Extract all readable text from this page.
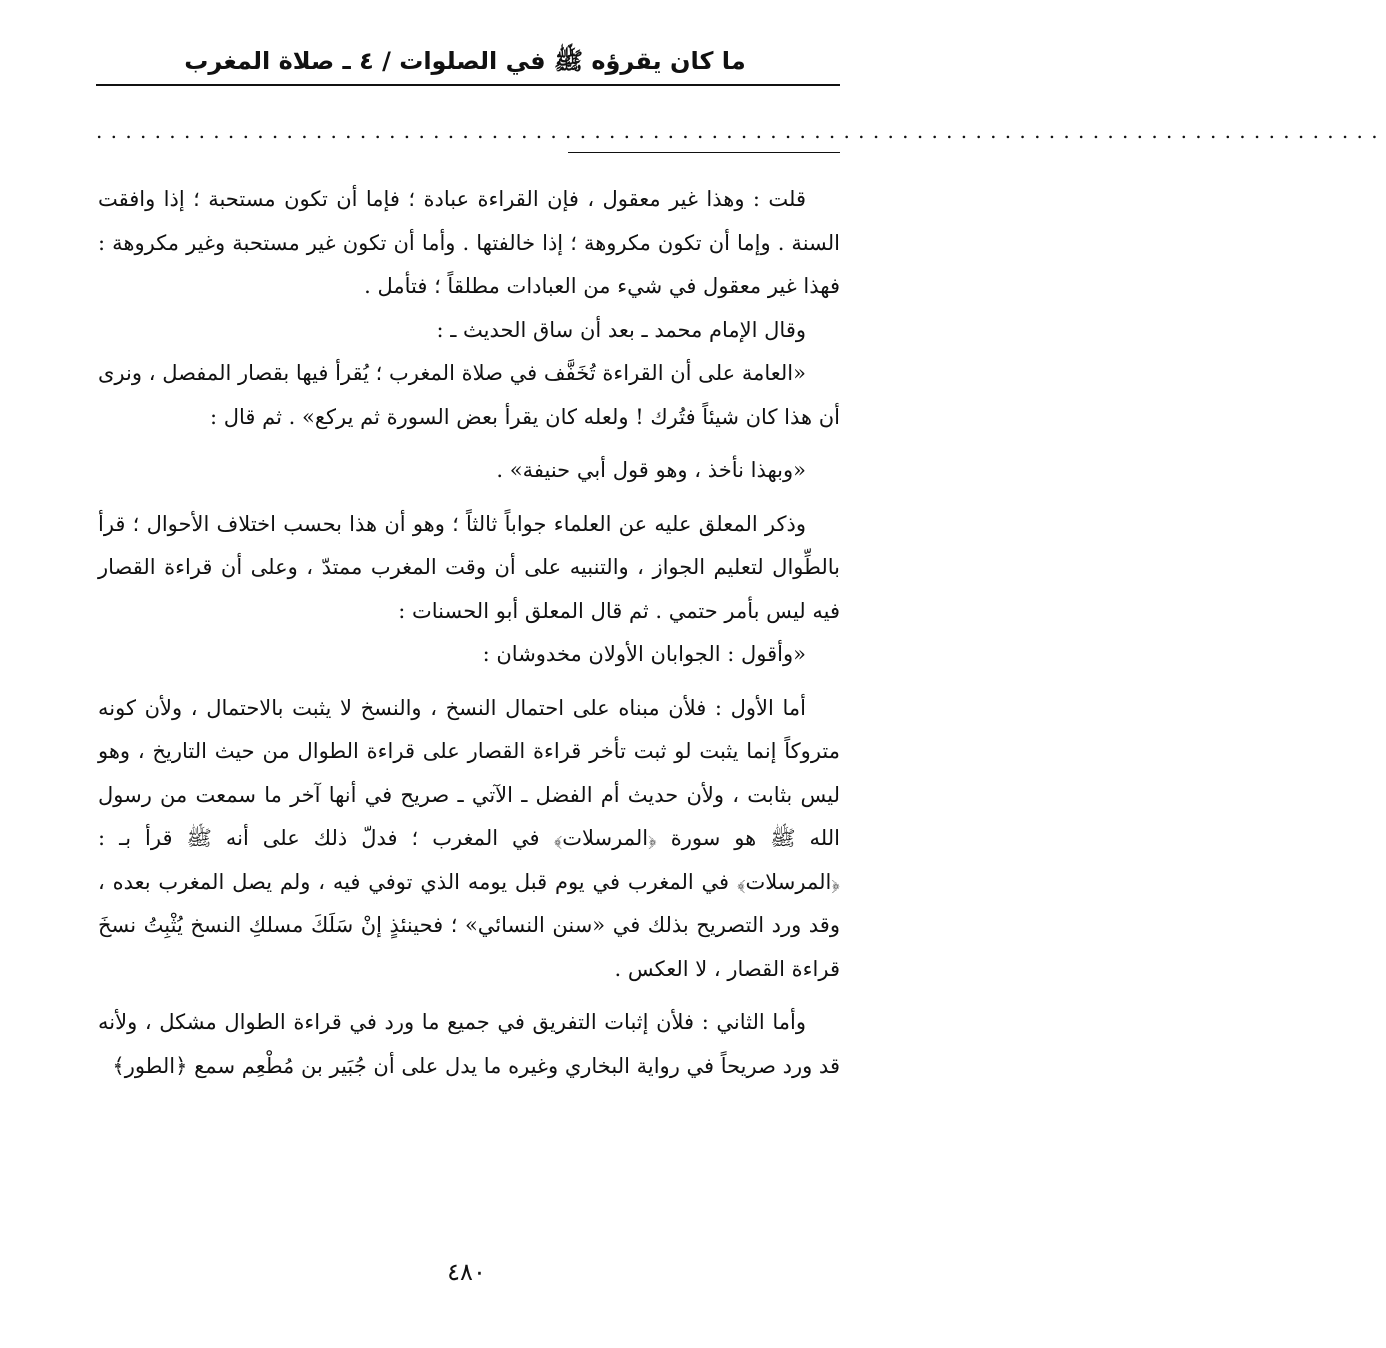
ما كان يقرؤه ﷺ في الصلوات / ٤ ـ صلاة المغرب
........................................................................................

قلت : وهذا غير معقول ، فإن القراءة عبادة ؛ فإما أن تكون مستحبة ؛ إذا وافقت السنة . وإما أن تكون مكروهة ؛ إذا خالفتها . وأما أن تكون غير مستحبة وغير مكروهة : فهذا غير معقول في شيء من العبادات مطلقاً ؛ فتأمل .

وقال الإمام محمد ـ بعد أن ساق الحديث ـ :

«العامة على أن القراءة تُخَفَّف في صلاة المغرب ؛ يُقرأ فيها بقصار المفصل ، ونرى أن هذا كان شيئاً فتُرك ! ولعله كان يقرأ بعض السورة ثم يركع» . ثم قال :

«وبهذا نأخذ ، وهو قول أبي حنيفة» .

وذكر المعلق عليه عن العلماء جواباً ثالثاً ؛ وهو أن هذا بحسب اختلاف الأحوال ؛ قرأ بالطِّوال لتعليم الجواز ، والتنبيه على أن وقت المغرب ممتدّ ، وعلى أن قراءة القصار فيه ليس بأمر حتمي . ثم قال المعلق أبو الحسنات :

«وأقول : الجوابان الأولان مخدوشان :

أما الأول : فلأن مبناه على احتمال النسخ ، والنسخ لا يثبت بالاحتمال ، ولأن كونه متروكاً إنما يثبت لو ثبت تأخر قراءة القصار على قراءة الطوال من حيث التاريخ ، وهو ليس بثابت ، ولأن حديث أم الفضل ـ الآتي ـ صريح في أنها آخر ما سمعت من رسول الله ﷺ هو سورة ﴿المرسلات﴾ في المغرب ؛ فدلّ ذلك على أنه ﷺ قرأ بـ : ﴿المرسلات﴾ في المغرب في يوم قبل يومه الذي توفي فيه ، ولم يصل المغرب بعده ، وقد ورد التصريح بذلك في «سنن النسائي» ؛ فحينئذٍ إنْ سَلَكَ مسلكِ النسخ يُثْبِتُ نسخَ قراءة القصار ، لا العكس .

وأما الثاني : فلأن إثبات التفريق في جميع ما ورد في قراءة الطوال مشكل ، ولأنه قد ورد صريحاً في رواية البخاري وغيره ما يدل على أن جُبَير بن مُطْعِم سمع ﴿الطور﴾

٤٨٠
